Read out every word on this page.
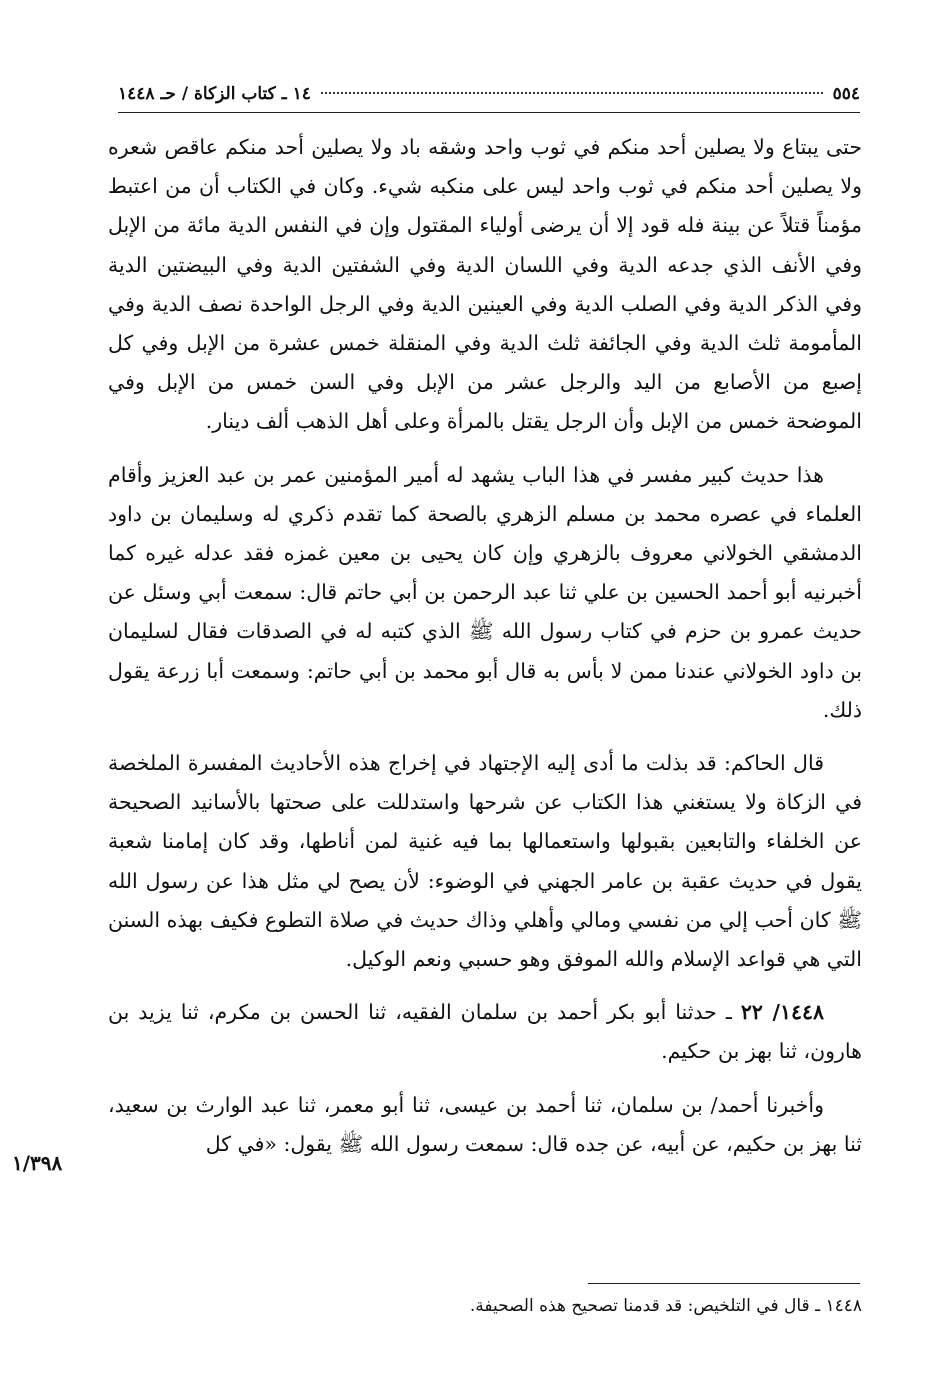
٥٥٤
١٤ ـ كتاب الزكاة / حـ ١٤٤٨

حتى يبتاع ولا يصلين أحد منكم في ثوب واحد وشقه باد ولا يصلين أحد منكم عاقص شعره ولا يصلين أحد منكم في ثوب واحد ليس على منكبه شيء. وكان في الكتاب أن من اعتبط مؤمناً قتلاً عن بينة فله قود إلا أن يرضى أولياء المقتول وإن في النفس الدية مائة من الإبل وفي الأنف الذي جدعه الدية وفي اللسان الدية وفي الشفتين الدية وفي البيضتين الدية وفي الذكر الدية وفي الصلب الدية وفي العينين الدية وفي الرجل الواحدة نصف الدية وفي المأمومة ثلث الدية وفي الجائفة ثلث الدية وفي المنقلة خمس عشرة من الإبل وفي كل إصبع من الأصابع من اليد والرجل عشر من الإبل وفي السن خمس من الإبل وفي الموضحة خمس من الإبل وأن الرجل يقتل بالمرأة وعلى أهل الذهب ألف دينار.

هذا حديث كبير مفسر في هذا الباب يشهد له أمير المؤمنين عمر بن عبد العزيز وأقام العلماء في عصره محمد بن مسلم الزهري بالصحة كما تقدم ذكري له وسليمان بن داود الدمشقي الخولاني معروف بالزهري وإن كان يحيى بن معين غمزه فقد عدله غيره كما أخبرنيه أبو أحمد الحسين بن علي ثنا عبد الرحمن بن أبي حاتم قال: سمعت أبي وسئل عن حديث عمرو بن حزم في كتاب رسول الله ﷺ الذي كتبه له في الصدقات فقال لسليمان بن داود الخولاني عندنا ممن لا بأس به قال أبو محمد بن أبي حاتم: وسمعت أبا زرعة يقول ذلك.

قال الحاكم: قد بذلت ما أدى إليه الإجتهاد في إخراج هذه الأحاديث المفسرة الملخصة في الزكاة ولا يستغني هذا الكتاب عن شرحها واستدللت على صحتها بالأسانيد الصحيحة عن الخلفاء والتابعين بقبولها واستعمالها بما فيه غنية لمن أناطها، وقد كان إمامنا شعبة يقول في حديث عقبة بن عامر الجهني في الوضوء: لأن يصح لي مثل هذا عن رسول الله ﷺ كان أحب إلي من نفسي ومالي وأهلي وذاك حديث في صلاة التطوع فكيف بهذه السنن التي هي قواعد الإسلام والله الموفق وهو حسبي ونعم الوكيل.

١٤٤٨/ ٢٢ ـ حدثنا أبو بكر أحمد بن سلمان الفقيه، ثنا الحسن بن مكرم، ثنا يزيد بن هارون، ثنا بهز بن حكيم.

وأخبرنا أحمد/ بن سلمان، ثنا أحمد بن عيسى، ثنا أبو معمر، ثنا عبد الوارث بن سعيد، ثنا بهز بن حكيم، عن أبيه، عن جده قال: سمعت رسول الله ﷺ يقول: «في كل

١/٣٩٨
١٤٤٨ ـ قال في التلخيص: قد قدمنا تصحيح هذه الصحيفة.
